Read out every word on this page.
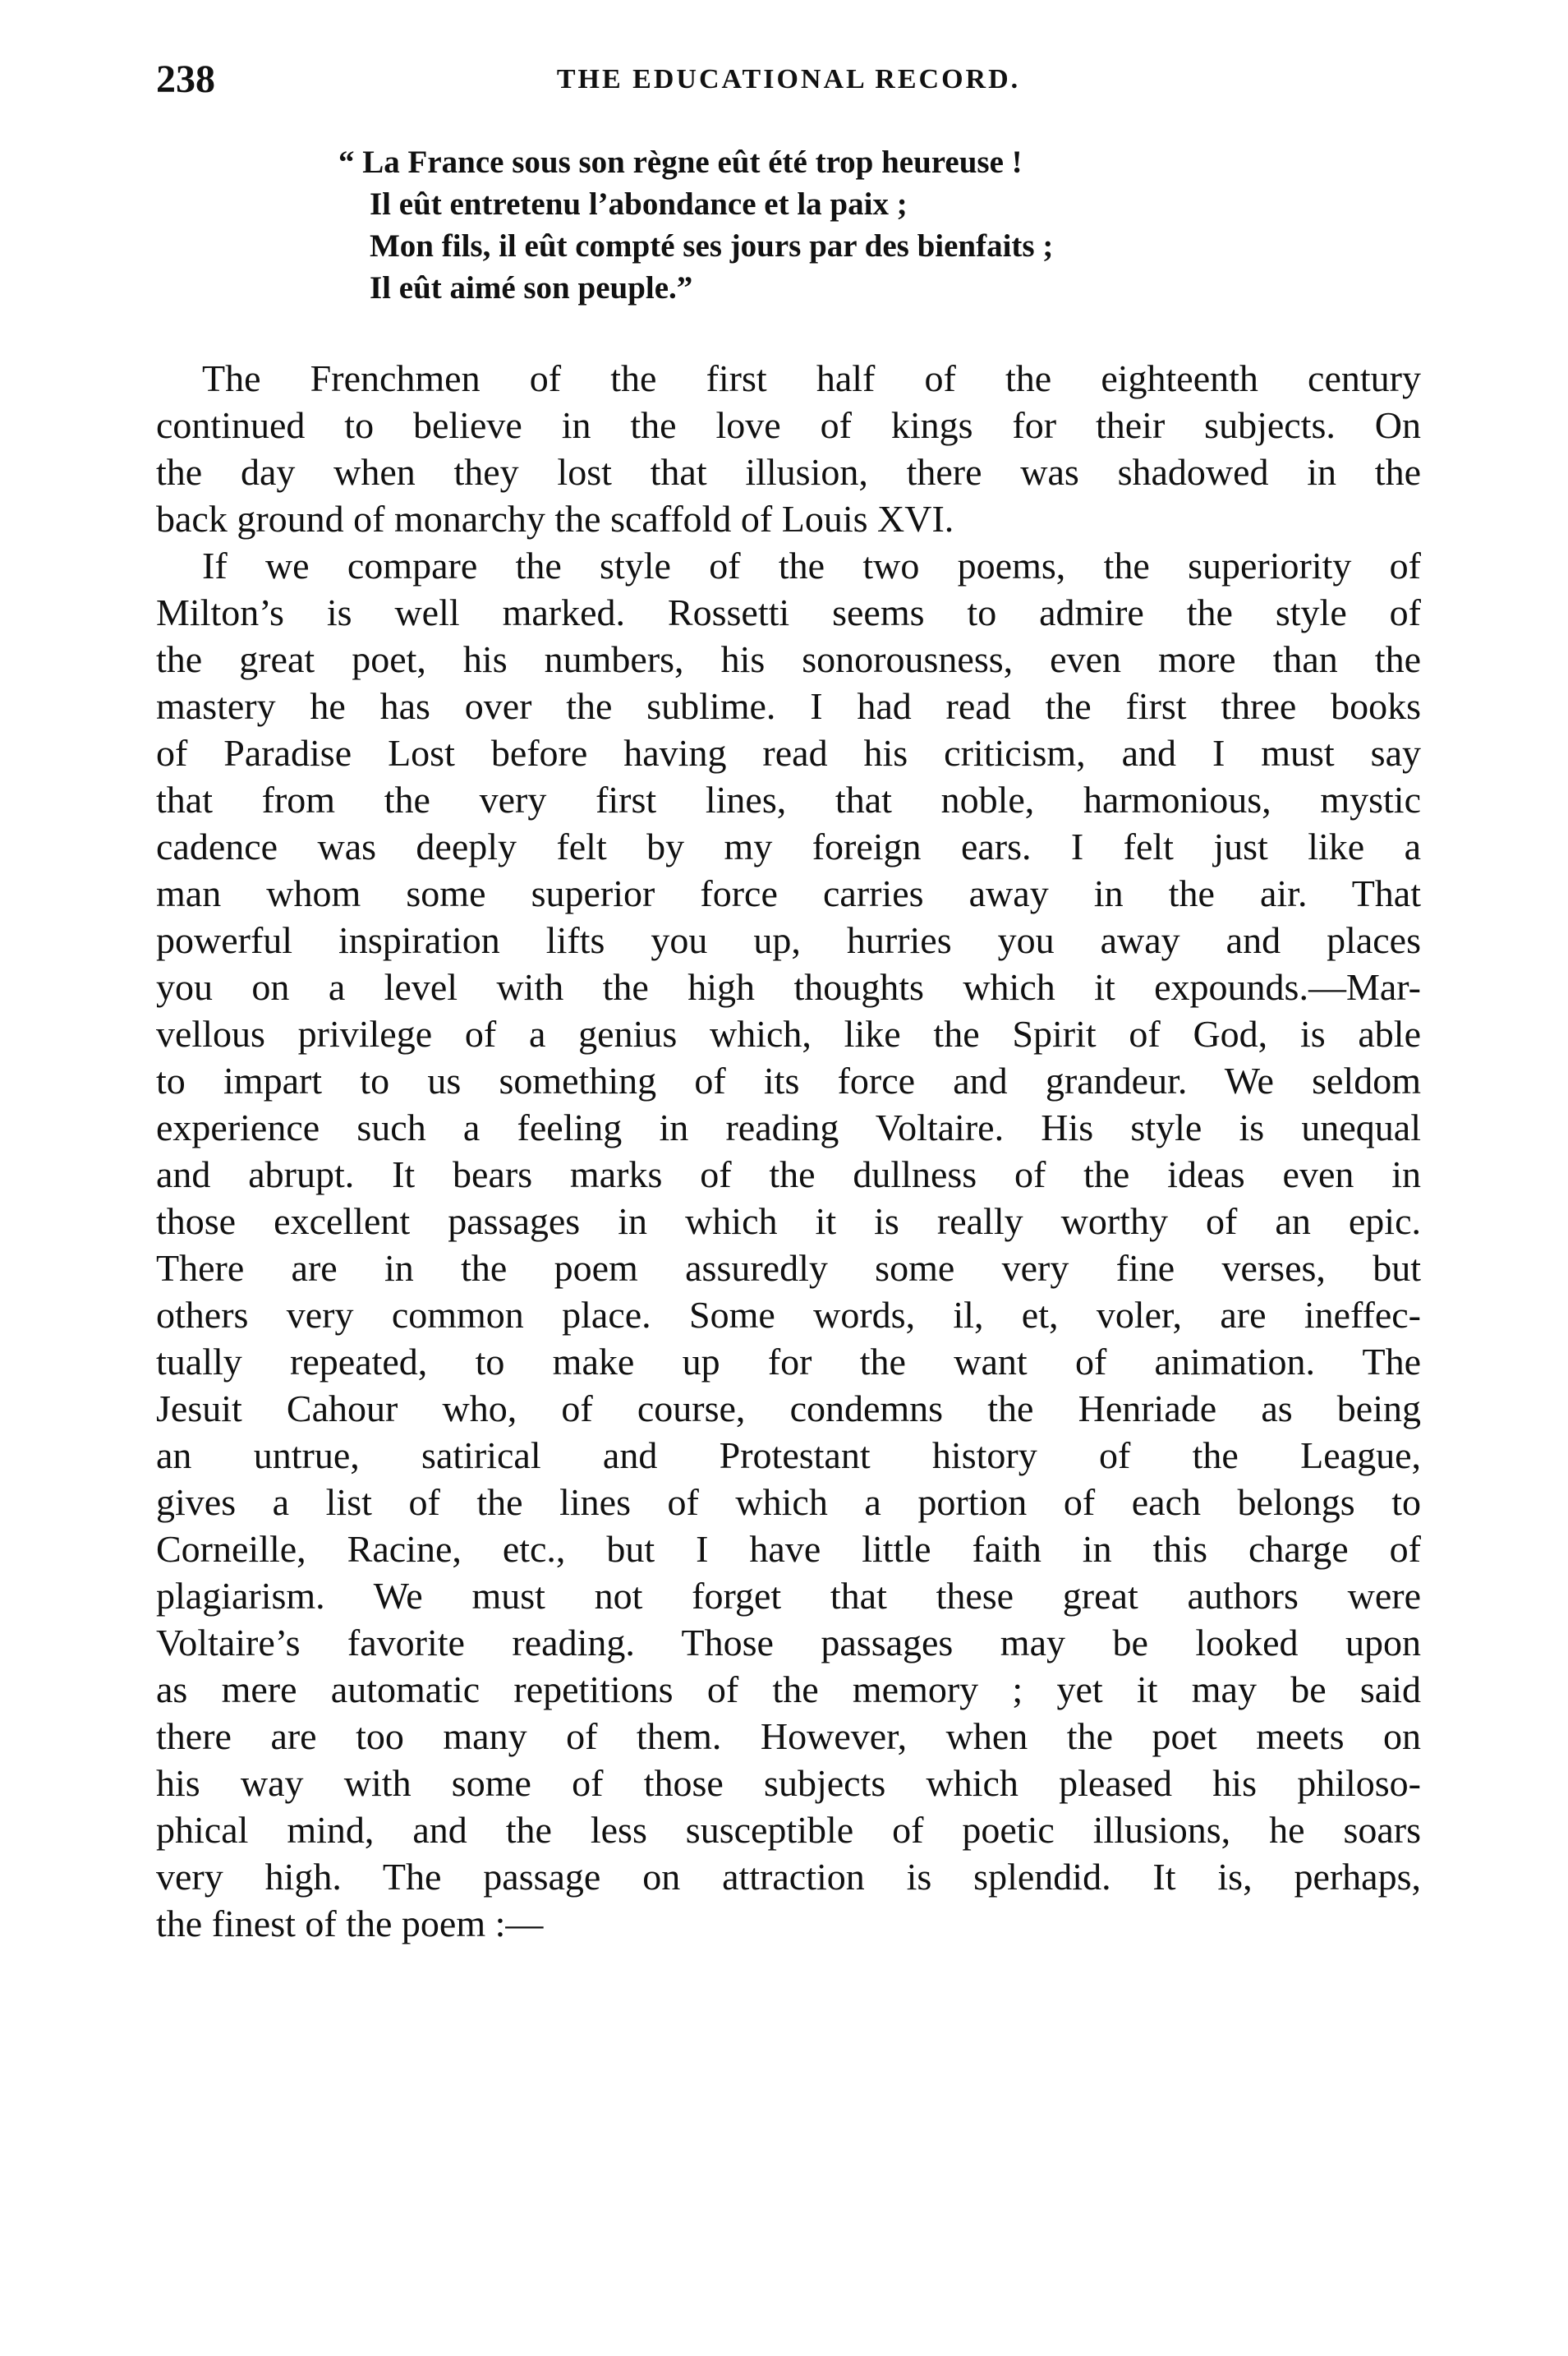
238	THE EDUCATIONAL RECORD.
“ La France sous son règne eût été trop heureuse !
Il eût entretenu l’abondance et la paix ;
Mon fils, il eût compté ses jours par des bienfaits ;
Il eût aimé son peuple.”
The Frenchmen of the first half of the eighteenth century
continued to believe in the love of kings for their subjects. On
the day when they lost that illusion, there was shadowed in the
back ground of monarchy the scaffold of Louis XVI.
If we compare the style of the two poems, the superiority of
Milton’s is well marked. Rossetti seems to admire the style of
the great poet, his numbers, his sonorousness, even more than the
mastery he has over the sublime. I had read the first three books
of Paradise Lost before having read his criticism, and I must say
that from the very first lines, that noble, harmonious, mystic
cadence was deeply felt by my foreign ears. I felt just like a
man whom some superior force carries away in the air. That
powerful inspiration lifts you up, hurries you away and places
you on a level with the high thoughts which it expounds.—Mar-
vellous privilege of a genius which, like the Spirit of God, is able
to impart to us something of its force and grandeur. We seldom
experience such a feeling in reading Voltaire. His style is unequal
and abrupt. It bears marks of the dullness of the ideas even in
those excellent passages in which it is really worthy of an epic.
There are in the poem assuredly some very fine verses, but
others very common place. Some words, il, et, voler, are ineffec-
tually repeated, to make up for the want of animation. The
Jesuit Cahour who, of course, condemns the Henriade as being
an untrue, satirical and Protestant history of the League,
gives a list of the lines of which a portion of each belongs to
Corneille, Racine, etc., but I have little faith in this charge of
plagiarism. We must not forget that these great authors were
Voltaire’s favorite reading. Those passages may be looked upon
as mere automatic repetitions of the memory ; yet it may be said
there are too many of them. However, when the poet meets on
his way with some of those subjects which pleased his philoso-
phical mind, and the less susceptible of poetic illusions, he soars
very high. The passage on attraction is splendid. It is, perhaps,
the finest of the poem :—
